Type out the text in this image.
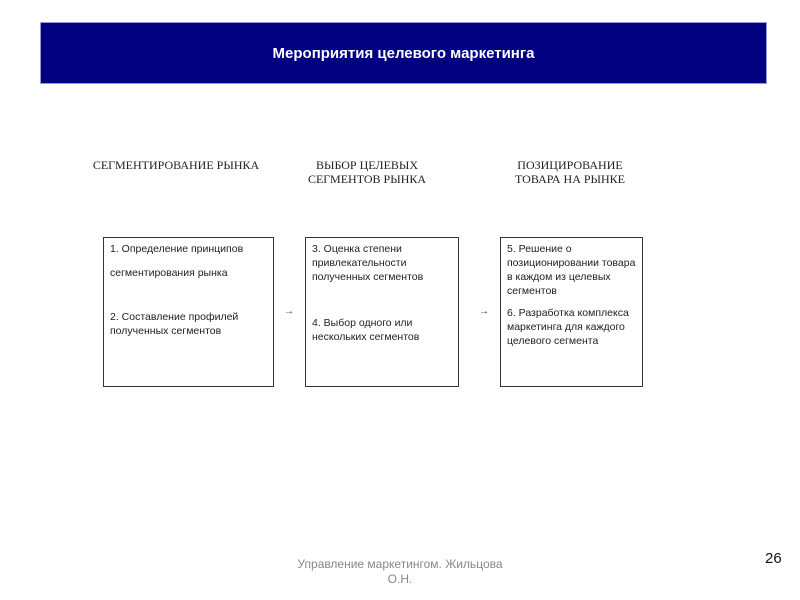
Мероприятия целевого маркетинга
СЕГМЕНТИРОВАНИЕ РЫНКА	ВЫБОР ЦЕЛЕВЫХ СЕГМЕНТОВ РЫНКА
ПОЗИЦИРОВАНИЕ ТОВАРА НА РЫНКЕ

1. Определение принципов

сегментирования рынка

2. Составление профилей полученных сегментов

→

3. Оценка степени привлекательности полученных сегментов

4. Выбор одного или нескольких сегментов

→

5. Решение о позиционировании товара в каждом из целевых сегментов

6. Разработка комплекса маркетинга для каждого целевого сегмента

Управление маркетингом. Жильцова
О.Н.
26
